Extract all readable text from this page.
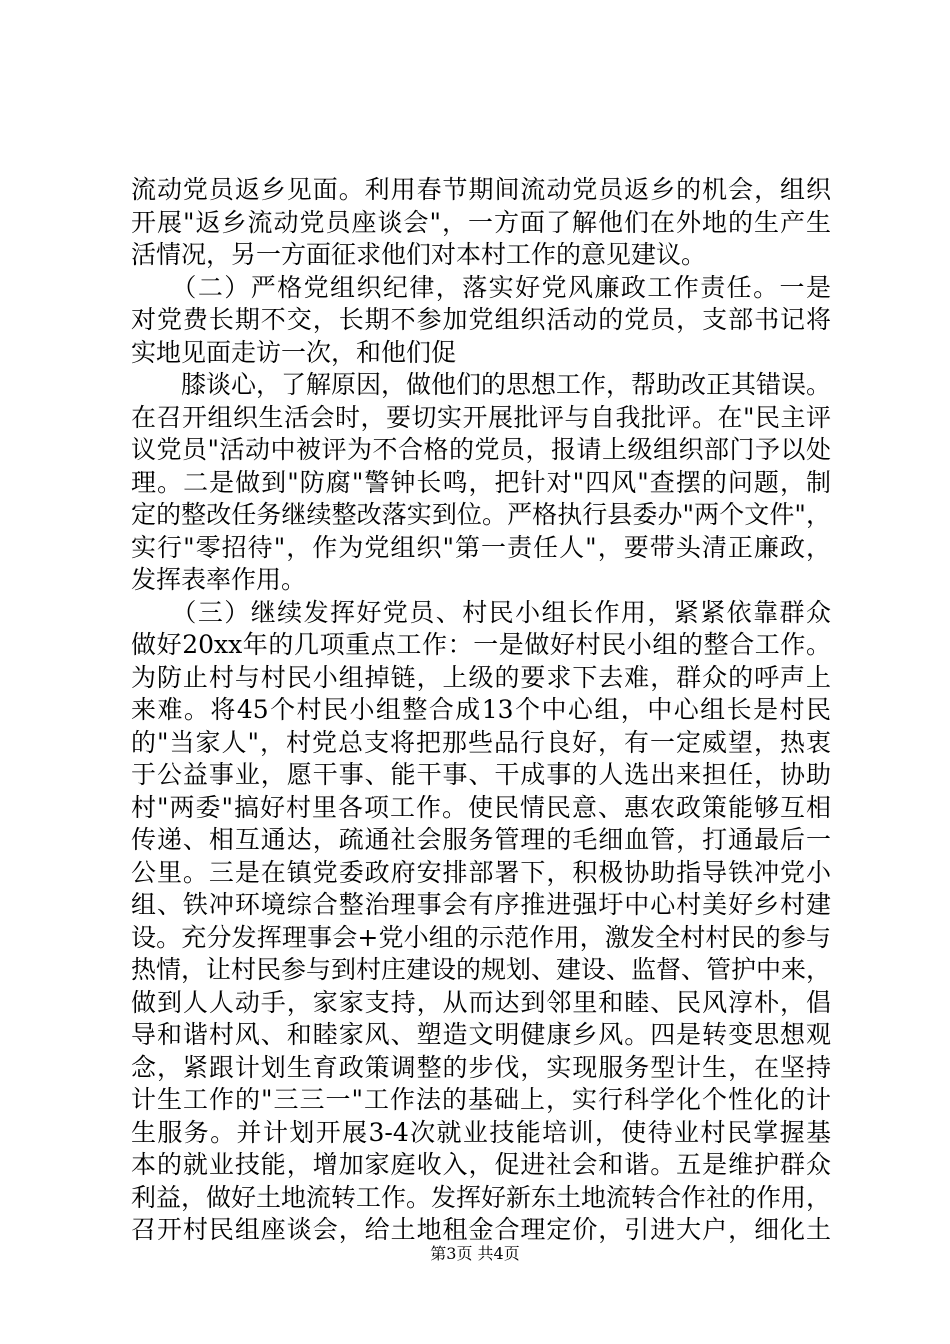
流动党员返乡见面。利用春节期间流动党员返乡的机会，组织
开展"返乡流动党员座谈会"，一方面了解他们在外地的生产生
活情况，另一方面征求他们对本村工作的意见建议。
　　（二）严格党组织纪律，落实好党风廉政工作责任。一是
对党费长期不交，长期不参加党组织活动的党员，支部书记将
实地见面走访一次，和他们促
　　膝谈心，了解原因，做他们的思想工作，帮助改正其错误。
在召开组织生活会时，要切实开展批评与自我批评。在"民主评
议党员"活动中被评为不合格的党员，报请上级组织部门予以处
理。二是做到"防腐"警钟长鸣，把针对"四风"查摆的问题，制
定的整改任务继续整改落实到位。严格执行县委办"两个文件"，
实行"零招待"，作为党组织"第一责任人"，要带头清正廉政，
发挥表率作用。
　　（三）继续发挥好党员、村民小组长作用，紧紧依靠群众
做好20xx年的几项重点工作：一是做好村民小组的整合工作。
为防止村与村民小组掉链，上级的要求下去难，群众的呼声上
来难。将45个村民小组整合成13个中心组，中心组长是村民
的"当家人"，村党总支将把那些品行良好，有一定威望，热衷
于公益事业，愿干事、能干事、干成事的人选出来担任，协助
村"两委"搞好村里各项工作。使民情民意、惠农政策能够互相
传递、相互通达，疏通社会服务管理的毛细血管，打通最后一
公里。三是在镇党委政府安排部署下，积极协助指导铁冲党小
组、铁冲环境综合整治理事会有序推进强圩中心村美好乡村建
设。充分发挥理事会+党小组的示范作用，激发全村村民的参与
热情，让村民参与到村庄建设的规划、建设、监督、管护中来，
做到人人动手，家家支持，从而达到邻里和睦、民风淳朴，倡
导和谐村风、和睦家风、塑造文明健康乡风。四是转变思想观
念，紧跟计划生育政策调整的步伐，实现服务型计生，在坚持
计生工作的"三三一"工作法的基础上，实行科学化个性化的计
生服务。并计划开展3-4次就业技能培训，使待业村民掌握基
本的就业技能，增加家庭收入，促进社会和谐。五是维护群众
利益，做好土地流转工作。发挥好新东土地流转合作社的作用，
召开村民组座谈会，给土地租金合理定价，引进大户，细化土
第3页 共4页
